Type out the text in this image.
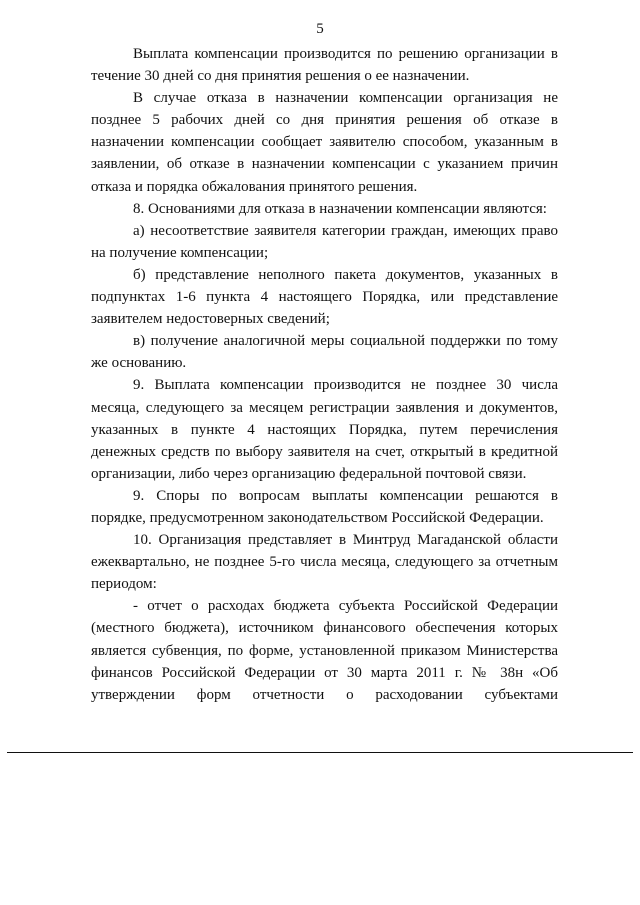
5

Выплата компенсации производится по решению организации в течение 30 дней со дня принятия решения о ее назначении.

В случае отказа в назначении компенсации организация не позднее 5 рабочих дней со дня принятия решения об отказе в назначении компенсации сообщает заявителю способом, указанным в заявлении, об отказе в назначении компенсации с указанием причин отказа и порядка обжалования принятого решения.

8. Основаниями для отказа в назначении компенсации являются:

а) несоответствие заявителя категории граждан, имеющих право на получение компенсации;

б) представление неполного пакета документов, указанных в подпунктах 1-6 пункта 4 настоящего Порядка, или представление заявителем недостоверных сведений;

в) получение аналогичной меры социальной поддержки по тому же основанию.

9. Выплата компенсации производится не позднее 30 числа месяца, следующего за месяцем регистрации заявления и документов, указанных в пункте 4 настоящих Порядка, путем перечисления денежных средств по выбору заявителя на счет, открытый в кредитной организации, либо через организацию федеральной почтовой связи.

9. Споры по вопросам выплаты компенсации решаются в порядке, предусмотренном законодательством Российской Федерации.

10. Организация представляет в Минтруд Магаданской области ежеквартально, не позднее 5-го числа месяца, следующего за отчетным периодом:

- отчет о расходах бюджета субъекта Российской Федерации (местного бюджета), источником финансового обеспечения которых является субвенция, по форме, установленной приказом Министерства финансов Российской Федерации от 30 марта 2011 г. № 38н «Об утверждении форм отчетности о расходовании субъектами
